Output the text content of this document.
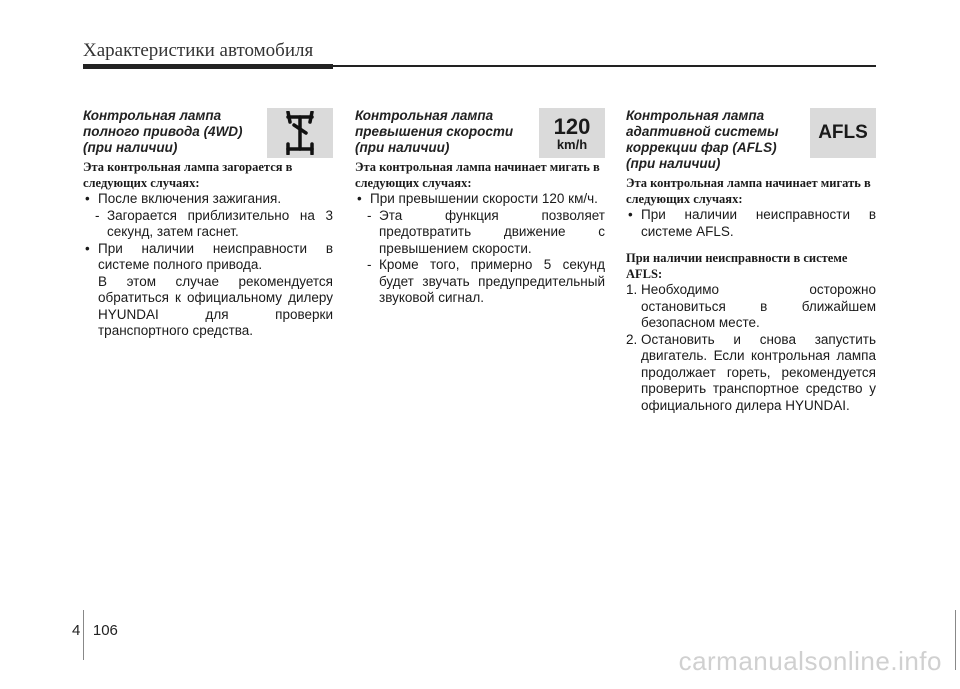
Характеристики автомобиля
Контрольная лампа полного привода (4WD) (при наличии)
Эта контрольная лампа загорается в следующих случаях:
• После включения зажигания.
- Загорается приблизительно на 3 секунд, затем гаснет.
• При наличии неисправности в системе полного привода.
В этом случае рекомендуется обратиться к официальному дилеру HYUNDAI для проверки транспортного средства.
120
km/h
Контрольная лампа превышения скорости (при наличии)
Эта контрольная лампа начинает мигать в следующих случаях:
• При превышении скорости 120 км/ч.
- Эта функция позволяет предотвратить движение с превышением скорости.
- Кроме того, примерно 5 секунд будет звучать предупредительный звуковой сигнал.
AFLS
Контрольная лампа адаптивной системы коррекции фар (AFLS) (при наличии)
Эта контрольная лампа начинает мигать в следующих случаях:
• При наличии неисправности в системе AFLS.
При наличии неисправности в системе AFLS:
1. Необходимо осторожно остановиться в ближайшем безопасном месте.
2. Остановить и снова запустить двигатель. Если контрольная лампа продолжает гореть, рекомендуется проверить транспортное средство у официального дилера HYUNDAI.
4 106
carmanualsonline.info
